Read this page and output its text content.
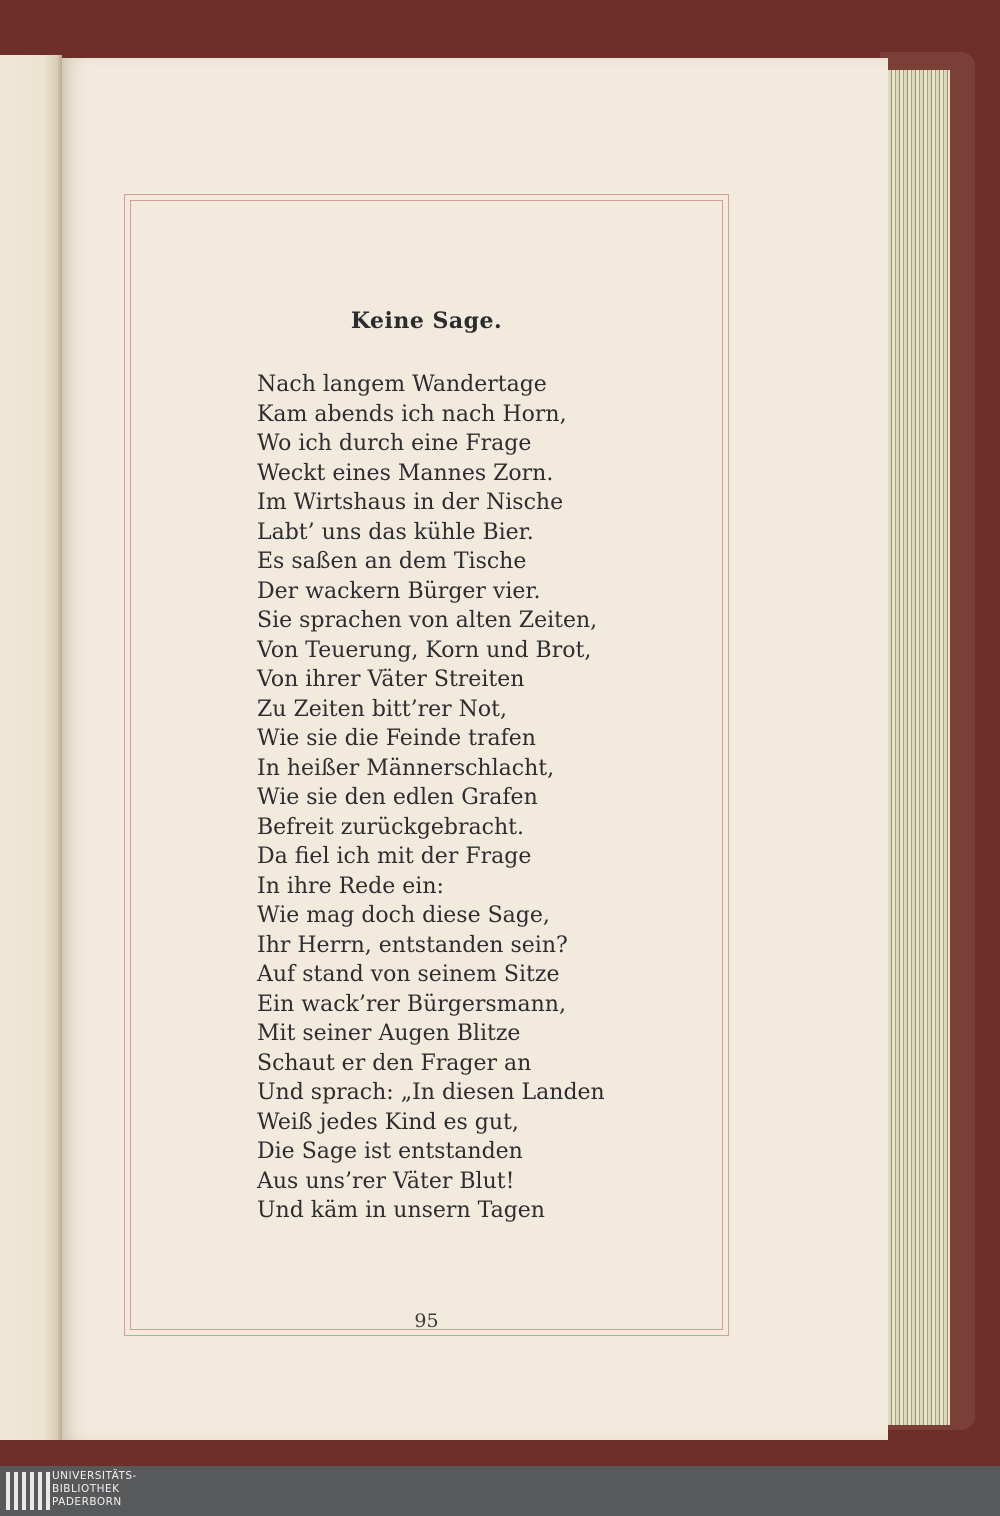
Keine Sage.
Nach langem Wandertage
Kam abends ich nach Horn,
Wo ich durch eine Frage
Weckt eines Mannes Zorn.
Im Wirtshaus in der Nische
Labt’ uns das kühle Bier.
Es saßen an dem Tische
Der wackern Bürger vier.
Sie sprachen von alten Zeiten,
Von Teuerung, Korn und Brot,
Von ihrer Väter Streiten
Zu Zeiten bitt’rer Not,
Wie sie die Feinde trafen
In heißer Männerschlacht,
Wie sie den edlen Grafen
Befreit zurückgebracht.
Da fiel ich mit der Frage
In ihre Rede ein:
Wie mag doch diese Sage,
Ihr Herrn, entstanden sein?
Auf stand von seinem Sitze
Ein wack’rer Bürgersmann,
Mit seiner Augen Blitze
Schaut er den Frager an
Und sprach: „In diesen Landen
Weiß jedes Kind es gut,
Die Sage ist entstanden
Aus uns’rer Väter Blut!
Und käm in unsern Tagen
95
UNIVERSITÄTS-
BIBLIOTHEK
PADERBORN
